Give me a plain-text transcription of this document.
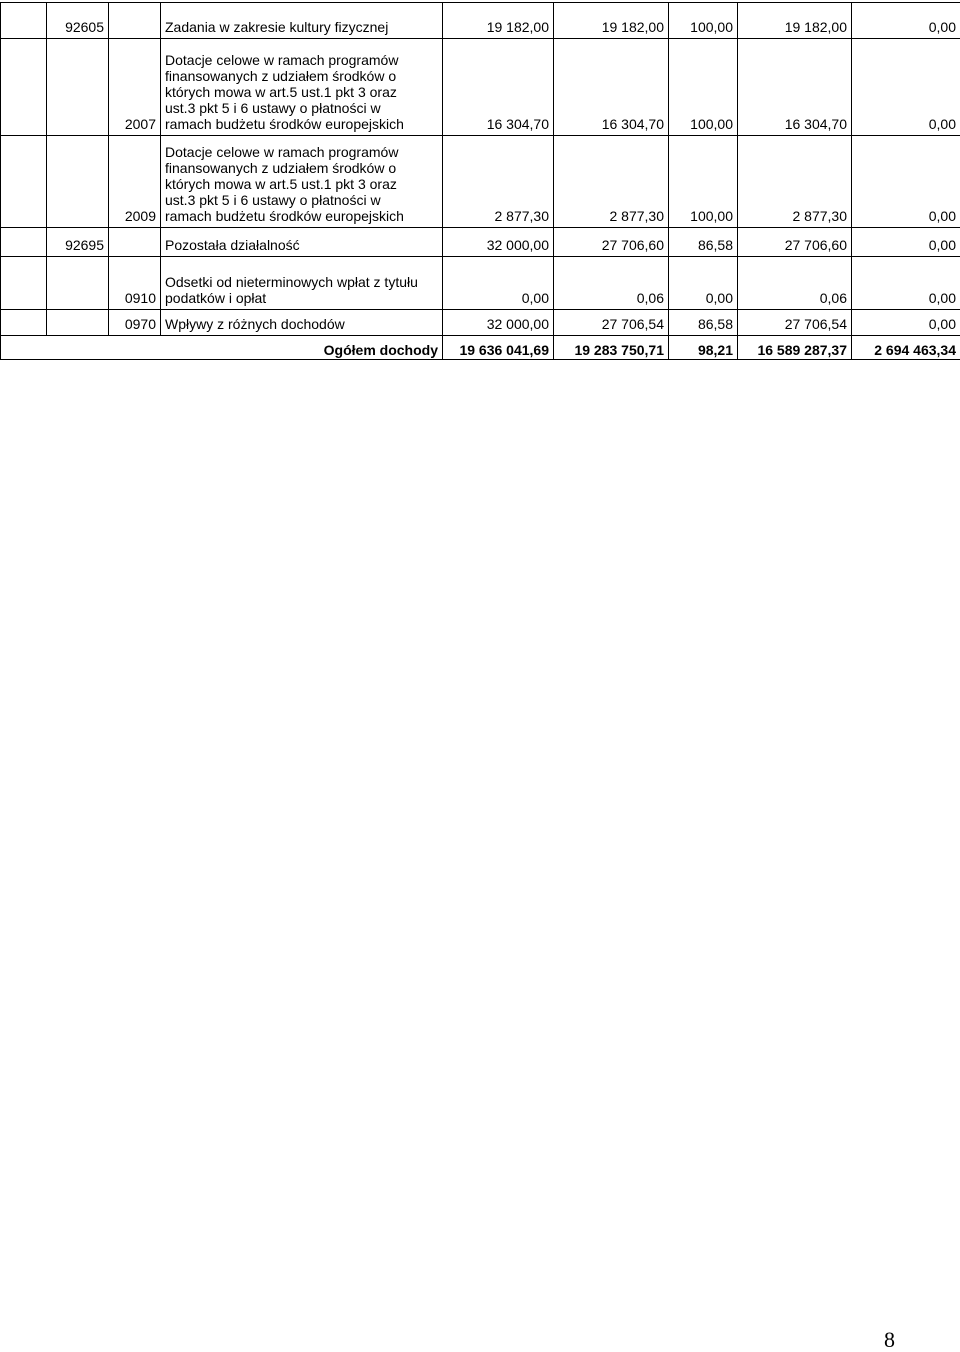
	92605		Zadania w zakresie kultury fizycznej	19 182,00	19 182,00	100,00	19 182,00	0,00
		2007	Dotacje celowe w ramach programów
finansowanych z udziałem środków o
których mowa w art.5 ust.1 pkt 3 oraz
ust.3 pkt 5 i 6 ustawy o płatności w
ramach budżetu środków europejskich	16 304,70	16 304,70	100,00	16 304,70	0,00
		2009	Dotacje celowe w ramach programów
finansowanych z udziałem środków o
których mowa w art.5 ust.1 pkt 3 oraz
ust.3 pkt 5 i 6 ustawy o płatności w
ramach budżetu środków europejskich	2 877,30	2 877,30	100,00	2 877,30	0,00
	92695		Pozostała działalność	32 000,00	27 706,60	86,58	27 706,60	0,00
		0910	Odsetki od nieterminowych wpłat z tytułu
podatków i opłat	0,00	0,06	0,00	0,06	0,00
		0970	Wpływy z różnych dochodów	32 000,00	27 706,54	86,58	27 706,54	0,00
Ogółem dochody				19 636 041,69	19 283 750,71	98,21	16 589 287,37	2 694 463,34
8
